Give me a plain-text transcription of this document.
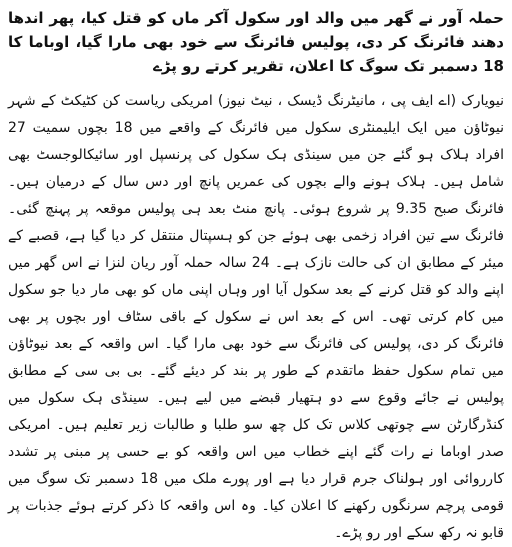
حملہ آور نے گھر میں والد اور سکول آکر ماں کو قتل کیا، پھر اندھا دھند فائرنگ کر دی، پولیس فائرنگ سے خود بھی مارا گیا، اوباما کا 18 دسمبر تک سوگ کا اعلان، تقریر کرتے رو پڑے

نیویارک (اے ایف پی ، مانیٹرنگ ڈیسک ، نیٹ نیوز) امریکی ریاست کن کٹیکٹ کے شہر نیوٹاؤن میں ایک ایلیمنٹری سکول میں فائرنگ کے واقعے میں 18 بچوں سمیت 27 افراد ہلاک ہو گئے جن میں سینڈی ہک سکول کی پرنسپل اور سائیکالوجسٹ بھی شامل ہیں۔ ہلاک ہونے والے بچوں کی عمریں پانچ اور دس سال کے درمیان ہیں۔ فائرنگ صبح 9.35 پر شروع ہوئی۔ پانچ منٹ بعد ہی پولیس موقعہ پر پہنچ گئی۔ فائرنگ سے تین افراد زخمی بھی ہوئے جن کو ہسپتال منتقل کر دیا گیا ہے، قصبے کے میئر کے مطابق ان کی حالت نازک ہے۔ 24 سالہ حملہ آور ریان لنزا نے اس گھر میں اپنے والد کو قتل کرنے کے بعد سکول آیا اور وہاں اپنی ماں کو بھی مار دیا جو سکول میں کام کرتی تھی۔ اس کے بعد اس نے سکول کے باقی سٹاف اور بچوں پر بھی فائرنگ کر دی، پولیس کی فائرنگ سے خود بھی مارا گیا۔ اس واقعہ کے بعد نیوٹاؤن میں تمام سکول حفظ ماتقدم کے طور پر بند کر دیئے گئے۔ بی بی سی کے مطابق پولیس نے جائے وقوع سے دو ہتھیار قبضے میں لیے ہیں۔ سینڈی ہک سکول میں کنڈرگارٹن سے چوتھی کلاس تک کل چھ سو طلبا و طالبات زیر تعلیم ہیں۔ امریکی صدر اوباما نے رات گئے اپنے خطاب میں اس واقعہ کو بے حسی پر مبنی پر تشدد کارروائی اور ہولناک جرم قرار دیا ہے اور پورے ملک میں 18 دسمبر تک سوگ میں قومی پرچم سرنگوں رکھنے کا اعلان کیا۔ وہ اس واقعہ کا ذکر کرتے ہوئے جذبات پر قابو نہ رکھ سکے اور رو پڑے۔
